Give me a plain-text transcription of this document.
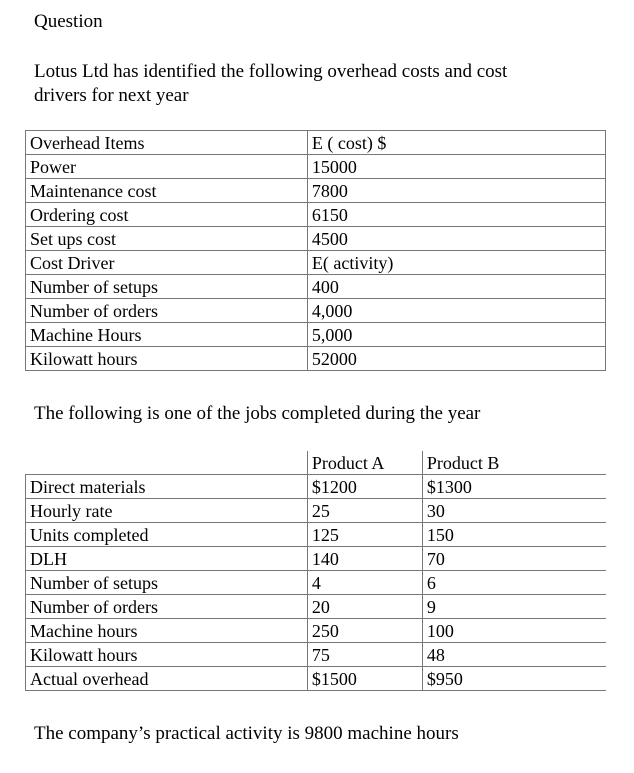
Question
Lotus Ltd has identified the following overhead costs and cost
drivers for next year
Overhead Items	E ( cost) $
Power	15000
Maintenance cost	7800
Ordering cost	6150
Set ups cost	4500
Cost Driver	E( activity)
Number of setups	400
Number of orders	4,000
Machine Hours	5,000
Kilowatt hours	52000
The following is one of the jobs completed during the year
	Product A	Product B
Direct materials	$1200	$1300
Hourly rate	25	30
Units completed	125	150
DLH	140	70
Number of setups	4	6
Number of orders	20	9
Machine hours	250	100
Kilowatt hours	75	48
Actual overhead	$1500	$950
The company’s practical activity is 9800 machine hours
